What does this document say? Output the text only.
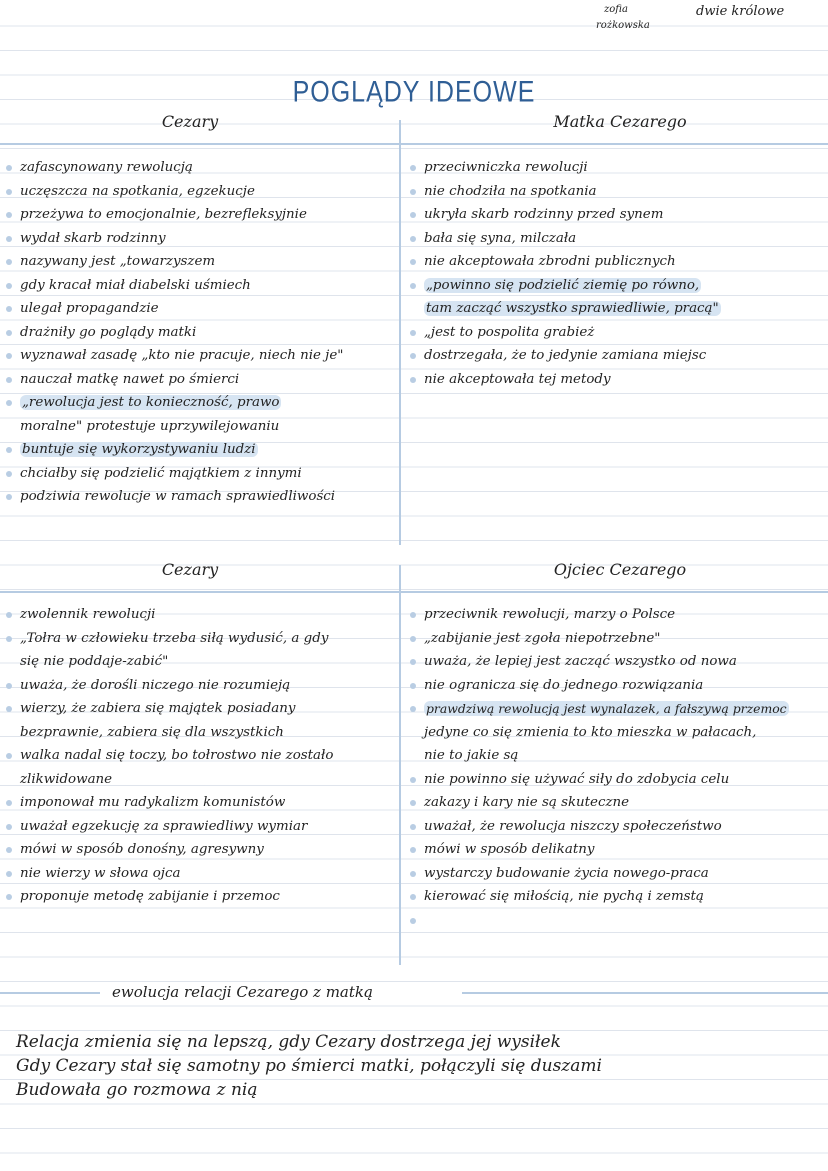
zofia
rożkowska
dwie królowe
POGLĄDY IDEOWE
Cezary
zafascynowany rewolucją
uczęszcza na spotkania, egzekucje
przeżywa to emocjonalnie, bezrefleksyjnie
wydał skarb rodzinny
nazywany jest „towarzyszem
gdy kracał miał diabelski uśmiech
ulegał propagandzie
drażniły go poglądy matki
wyznawał zasadę „kto nie pracuje, niech nie je"
nauczał matkę nawet po śmierci
„rewolucja jest to konieczność, prawo
moralne" protestuje uprzywilejowaniu
buntuje się wykorzystywaniu ludzi
chciałby się podzielić majątkiem z innymi
podziwia rewolucje w ramach sprawiedliwości
Matka Cezarego
przeciwniczka rewolucji
nie chodziła na spotkania
ukryła skarb rodzinny przed synem
bała się syna, milczała
nie akceptowała zbrodni publicznych
„powinno się podzielić ziemię po równo,
tam zacząć wszystko sprawiedliwie, pracą"
„jest to pospolita grabież
dostrzegała, że to jedynie zamiana miejsc
nie akceptowała tej metody
Cezary
zwolennik rewolucji
„Tołra w człowieku trzeba siłą wydusić, a gdy
się nie poddaje-zabić"
uważa, że dorośli niczego nie rozumieją
wierzy, że zabiera się majątek posiadany
bezprawnie, zabiera się dla wszystkich
walka nadal się toczy, bo tołrostwo nie zostało
zlikwidowane
imponował mu radykalizm komunistów
uważał egzekucję za sprawiedliwy wymiar
mówi w sposób donośny, agresywny
nie wierzy w słowa ojca
proponuje metodę zabijanie i przemoc
Ojciec Cezarego
przeciwnik rewolucji, marzy o Polsce
„zabijanie jest zgoła niepotrzebne"
uważa, że lepiej jest zacząć wszystko od nowa
nie ogranicza się do jednego rozwiązania
prawdziwą rewolucją jest wynalazek, a fałszywą przemoc
jedyne co się zmienia to kto mieszka w pałacach,
nie to jakie są
nie powinno się używać siły do zdobycia celu
zakazy i kary nie są skuteczne
uważał, że rewolucja niszczy społeczeństwo
mówi w sposób delikatny
wystarczy budowanie życia nowego-praca
kierować się miłością, nie pychą i zemstą
ewolucja relacji Cezarego z matką
Relacja zmienia się na lepszą, gdy Cezary dostrzega jej wysiłek
Gdy Cezary stał się samotny po śmierci matki, połączyli się duszami
Budowała go rozmowa z nią
